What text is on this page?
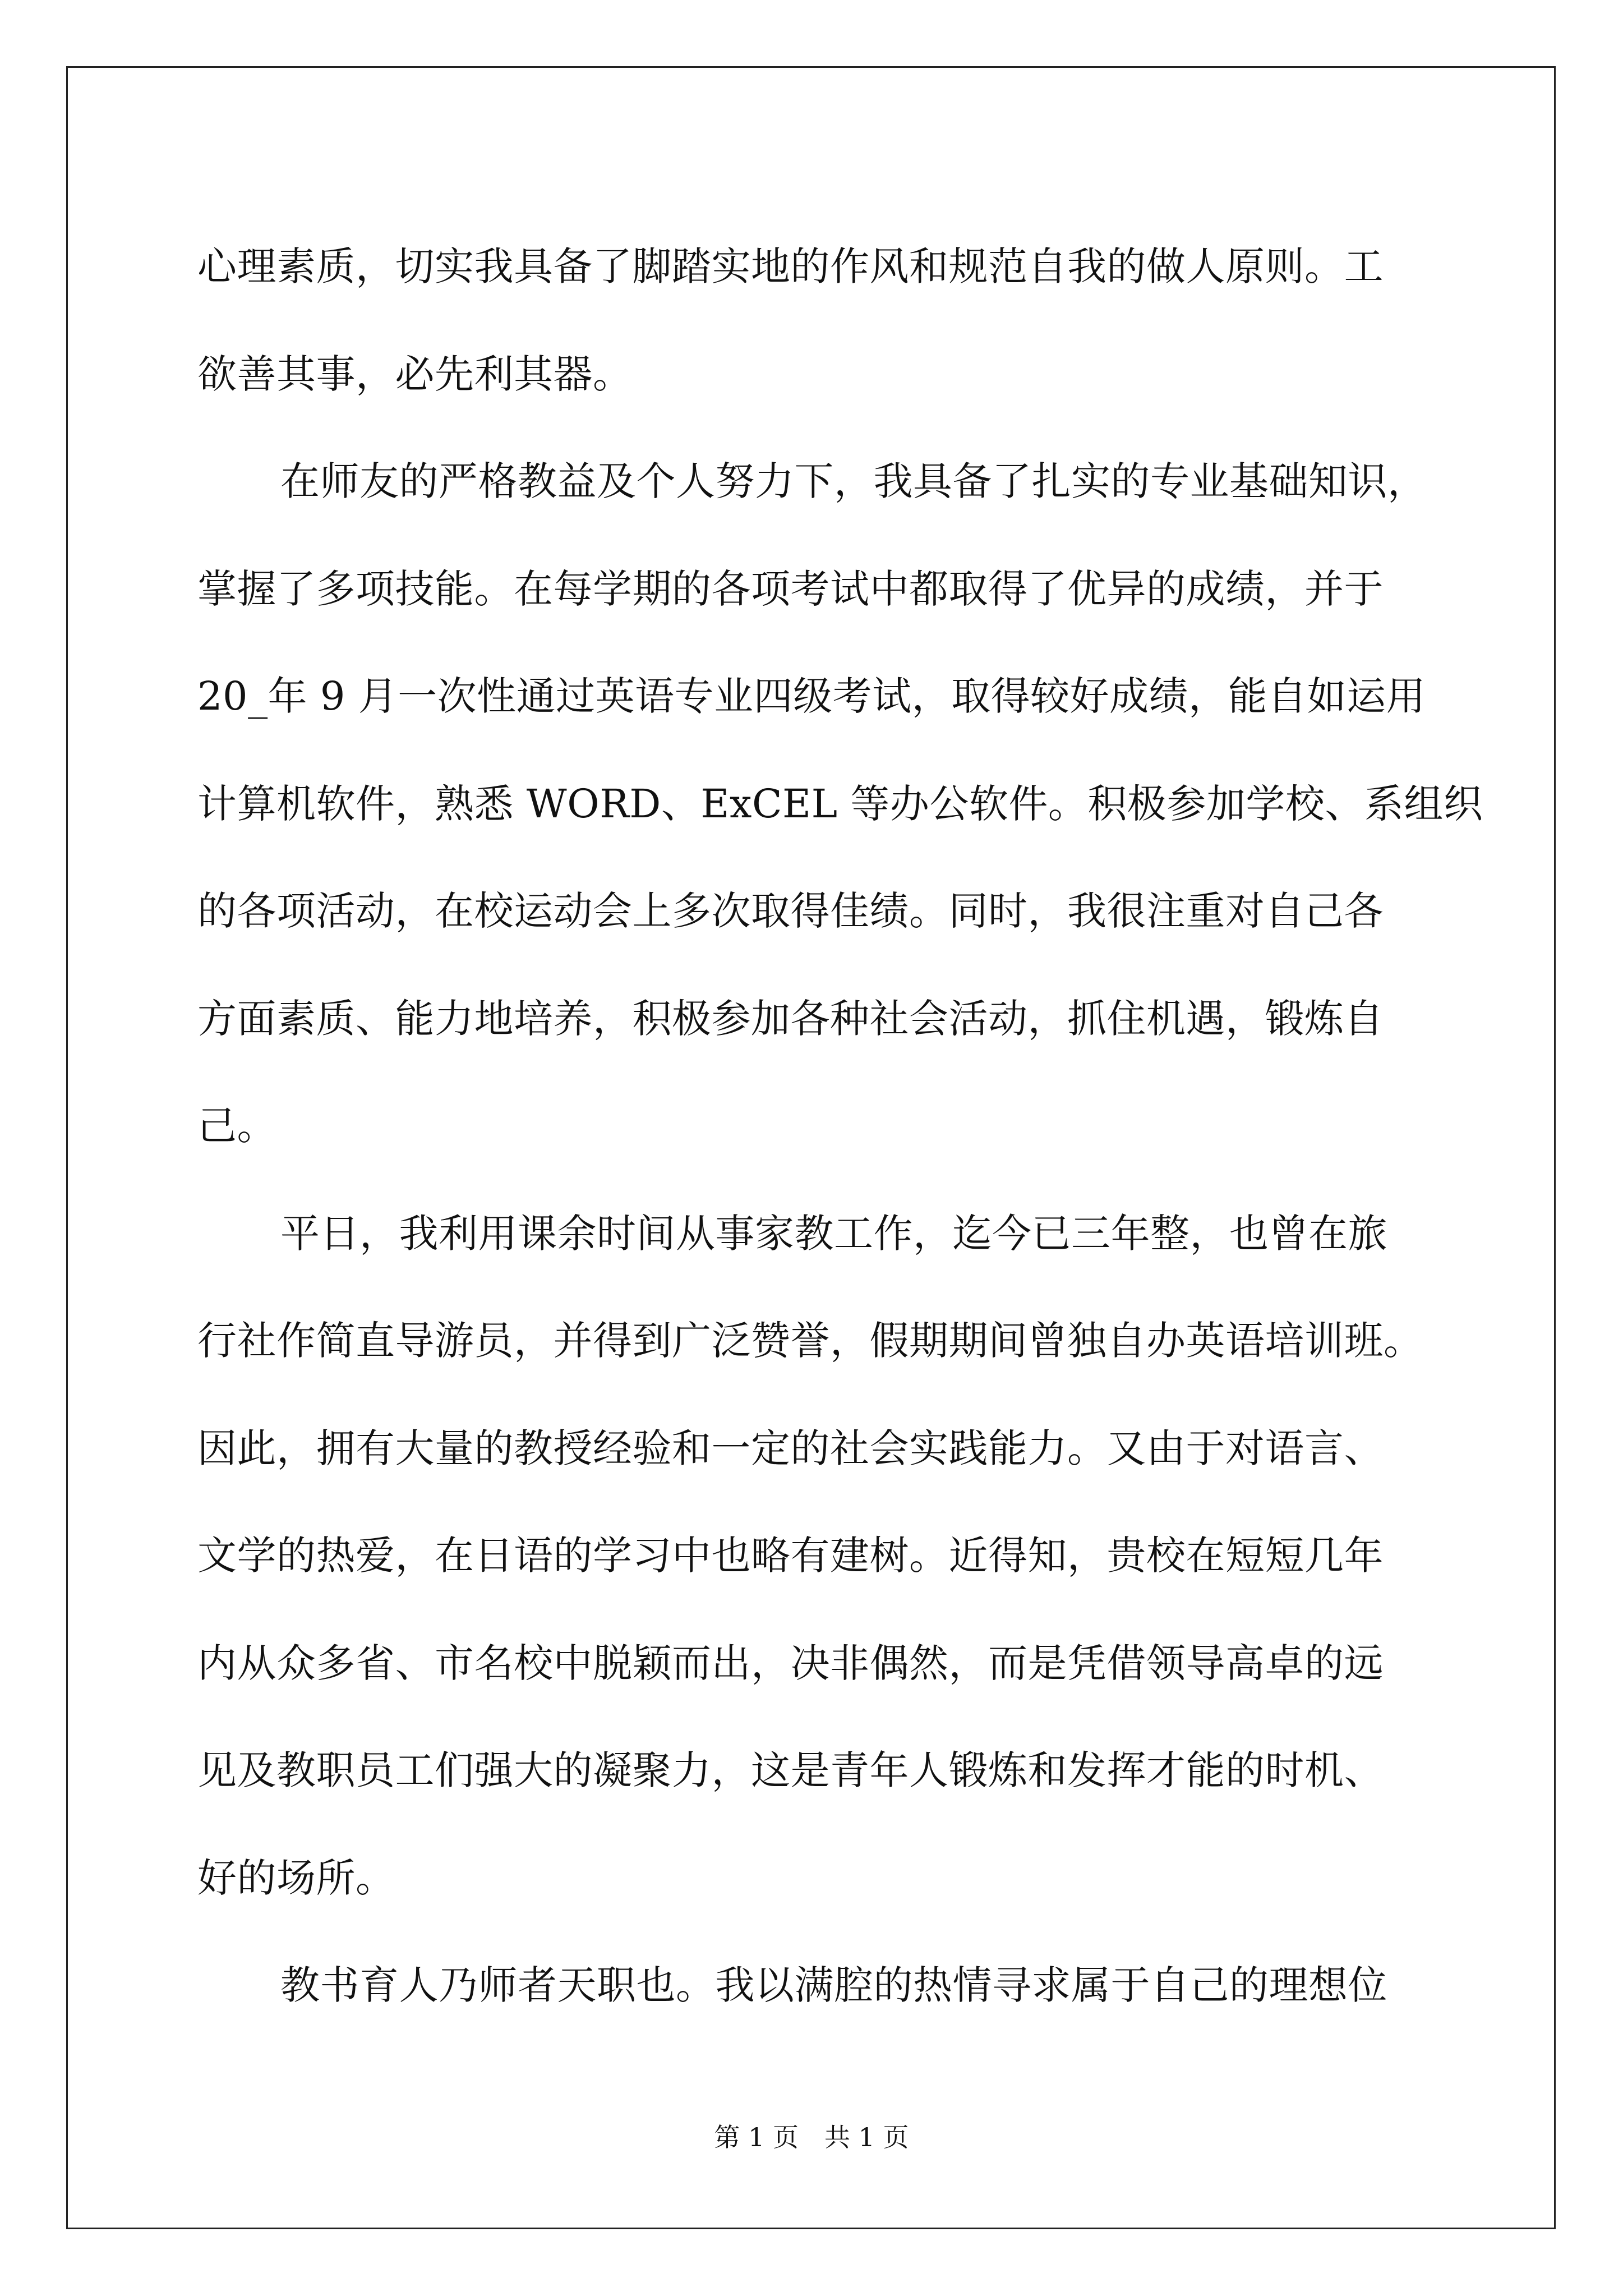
心理素质，切实我具备了脚踏实地的作风和规范自我的做人原则。工
欲善其事，必先利其器。
在师友的严格教益及个人努力下，我具备了扎实的专业基础知识，
掌握了多项技能。在每学期的各项考试中都取得了优异的成绩，并于
20_年 9 月一次性通过英语专业四级考试，取得较好成绩，能自如运用
计算机软件，熟悉 WORD、ExCEL 等办公软件。积极参加学校、系组织
的各项活动，在校运动会上多次取得佳绩。同时，我很注重对自己各
方面素质、能力地培养，积极参加各种社会活动，抓住机遇，锻炼自
己。
平日，我利用课余时间从事家教工作，迄今已三年整，也曾在旅
行社作简直导游员，并得到广泛赞誉，假期期间曾独自办英语培训班。
因此，拥有大量的教授经验和一定的社会实践能力。又由于对语言、
文学的热爱，在日语的学习中也略有建树。近得知，贵校在短短几年
内从众多省、市名校中脱颖而出，决非偶然，而是凭借领导高卓的远
见及教职员工们强大的凝聚力，这是青年人锻炼和发挥才能的时机、
好的场所。
教书育人乃师者天职也。我以满腔的热情寻求属于自己的理想位
第 1 页　共 1 页
